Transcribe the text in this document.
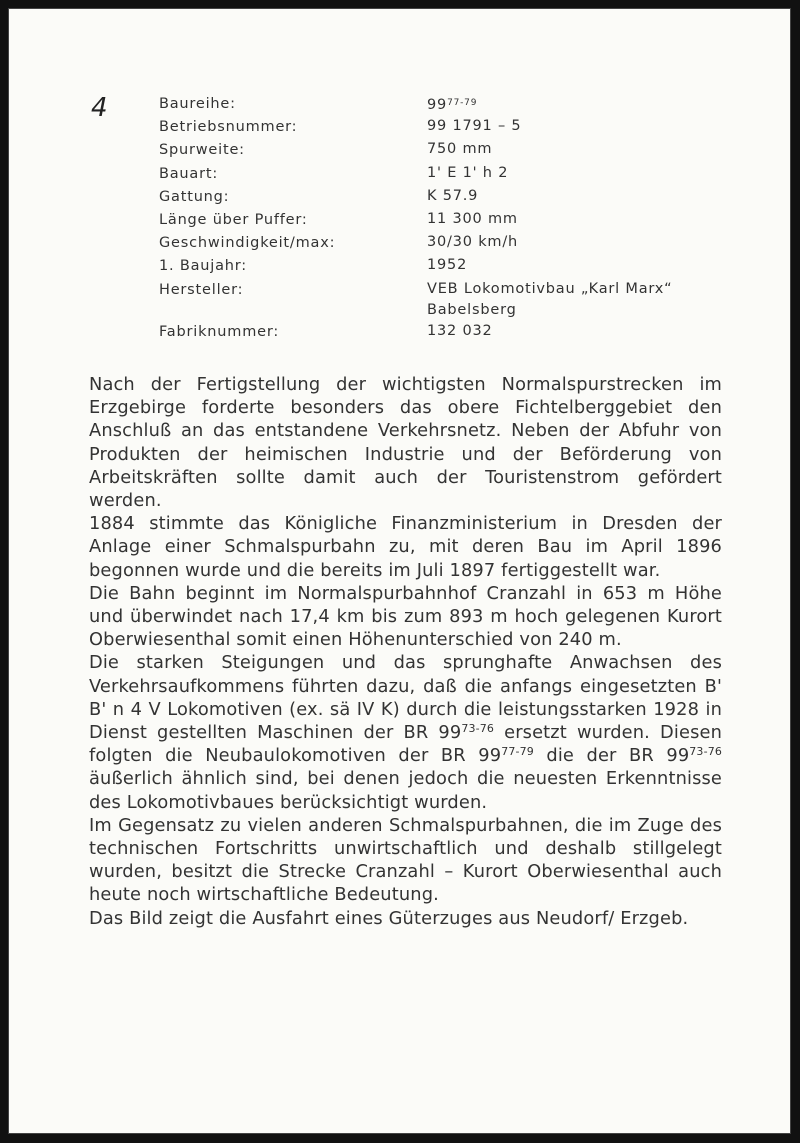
4	Baureihe:	99$^{77-79}$
Betriebsnummer:	99 1791 – 5
Spurweite:	750 mm
Bauart:	1' E 1' h 2
Gattung:	K 57.9
Länge über Puffer:	11 300 mm
Geschwindigkeit/max:	30/30 km/h
1. Baujahr:	1952
Hersteller:	VEB Lokomotivbau „Karl Marx“
Babelsberg

Fabriknummer:	132 032

Nach der Fertigstellung der wichtigsten Normalspurstrecken im Erzgebirge forderte besonders das obere Fichtelberggebiet den Anschluß an das entstandene Verkehrsnetz. Neben der Abfuhr von Produkten der heimischen Industrie und der Beförderung von Arbeitskräften sollte damit auch der Touristenstrom gefördert werden.

1884 stimmte das Königliche Finanzministerium in Dresden der Anlage einer Schmalspurbahn zu, mit deren Bau im April 1896 begonnen wurde und die bereits im Juli 1897 fertiggestellt war.

Die Bahn beginnt im Normalspurbahnhof Cranzahl in 653 m Höhe und überwindet nach 17,4 km bis zum 893 m hoch gelegenen Kurort Oberwiesenthal somit einen Höhenunterschied von 240 m.

Die starken Steigungen und das sprunghafte Anwachsen des Verkehrsaufkommens führten dazu, daß die anfangs eingesetzten B' B' n 4 V Lokomotiven (ex. sä IV K) durch die leistungsstarken 1928 in Dienst gestellten Maschinen der BR 99$^{73-76}$ ersetzt wurden. Diesen folgten die Neubaulokomotiven der BR 99$^{77-79}$ die der BR 99$^{73-76}$ äußerlich ähnlich sind, bei denen jedoch die neuesten Erkenntnisse des Lokomotivbaues berücksichtigt wurden.

Im Gegensatz zu vielen anderen Schmalspurbahnen, die im Zuge des technischen Fortschritts unwirtschaftlich und deshalb stillgelegt wurden, besitzt die Strecke Cranzahl – Kurort Oberwiesenthal auch heute noch wirtschaftliche Bedeutung.

Das Bild zeigt die Ausfahrt eines Güterzuges aus Neudorf/ Erzgeb.
